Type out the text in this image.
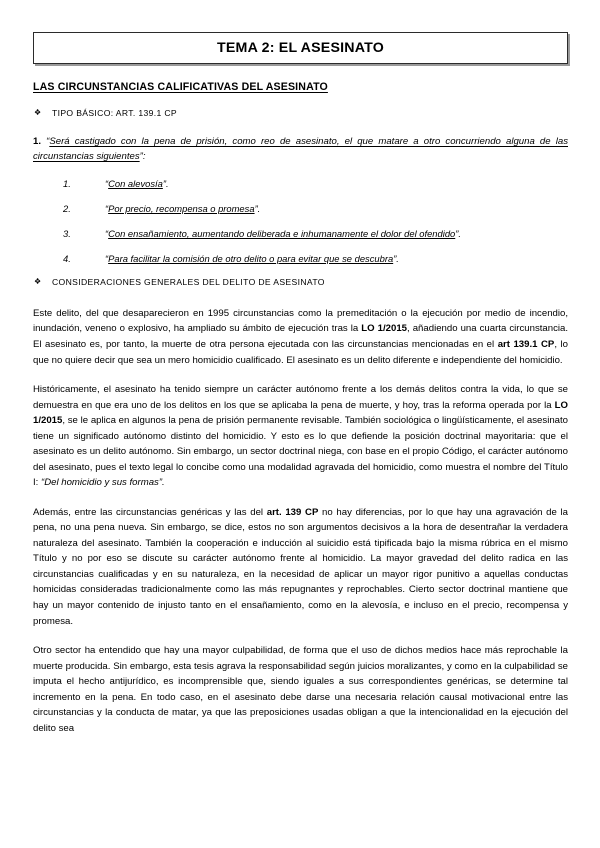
TEMA 2: EL ASESINATO
LAS CIRCUNSTANCIAS CALIFICATIVAS DEL ASESINATO
❖	TIPO BÁSICO: ART. 139.1 CP
1. “Será castigado con la pena de prisión, como reo de asesinato, el que matare a otro concurriendo alguna de las circunstancias siguientes”:
1.	“Con alevosía”.
2.	“Por precio, recompensa o promesa”.
3.	“Con ensañamiento, aumentando deliberada e inhumanamente el dolor del ofendido”.
4.	“Para facilitar la comisión de otro delito o para evitar que se descubra”.
❖	CONSIDERACIONES GENERALES DEL DELITO DE ASESINATO

Este delito, del que desaparecieron en 1995 circunstancias como la premeditación o la ejecución por medio de incendio, inundación, veneno o explosivo, ha ampliado su ámbito de ejecución tras la LO 1/2015, añadiendo una cuarta circunstancia. El asesinato es, por tanto, la muerte de otra persona ejecutada con las circunstancias mencionadas en el art 139.1 CP, lo que no quiere decir que sea un mero homicidio cualificado. El asesinato es un delito diferente e independiente del homicidio.

Históricamente, el asesinato ha tenido siempre un carácter autónomo frente a los demás delitos contra la vida, lo que se demuestra en que era uno de los delitos en los que se aplicaba la pena de muerte, y hoy, tras la reforma operada por la LO 1/2015, se le aplica en algunos la pena de prisión permanente revisable. También sociológica o lingüísticamente, el asesinato tiene un significado autónomo distinto del homicidio. Y esto es lo que defiende la posición doctrinal mayoritaria: que el asesinato es un delito autónomo. Sin embargo, un sector doctrinal niega, con base en el propio Código, el carácter autónomo del asesinato, pues el texto legal lo concibe como una modalidad agravada del homicidio, como muestra el nombre del Título I: “Del homicidio y sus formas”.

Además, entre las circunstancias genéricas y las del art. 139 CP no hay diferencias, por lo que hay una agravación de la pena, no una pena nueva. Sin embargo, se dice, estos no son argumentos decisivos a la hora de desentrañar la verdadera naturaleza del asesinato. También la cooperación e inducción al suicidio está tipificada bajo la misma rúbrica en el mismo Título y no por eso se discute su carácter autónomo frente al homicidio. La mayor gravedad del delito radica en las circunstancias cualificadas y en su naturaleza, en la necesidad de aplicar un mayor rigor punitivo a aquellas conductas homicidas consideradas tradicionalmente como las más repugnantes y reprochables. Cierto sector doctrinal mantiene que hay un mayor contenido de injusto tanto en el ensañamiento, como en la alevosía, e incluso en el precio, recompensa y promesa.

Otro sector ha entendido que hay una mayor culpabilidad, de forma que el uso de dichos medios hace más reprochable la muerte producida. Sin embargo, esta tesis agrava la responsabilidad según juicios moralizantes, y como en la culpabilidad se imputa el hecho antijurídico, es incomprensible que, siendo iguales a sus correspondientes genéricas, se determine tal incremento en la pena. En todo caso, en el asesinato debe darse una necesaria relación causal motivacional entre las circunstancias y la conducta de matar, ya que las preposiciones usadas obligan a que la intencionalidad en la ejecución del delito sea
